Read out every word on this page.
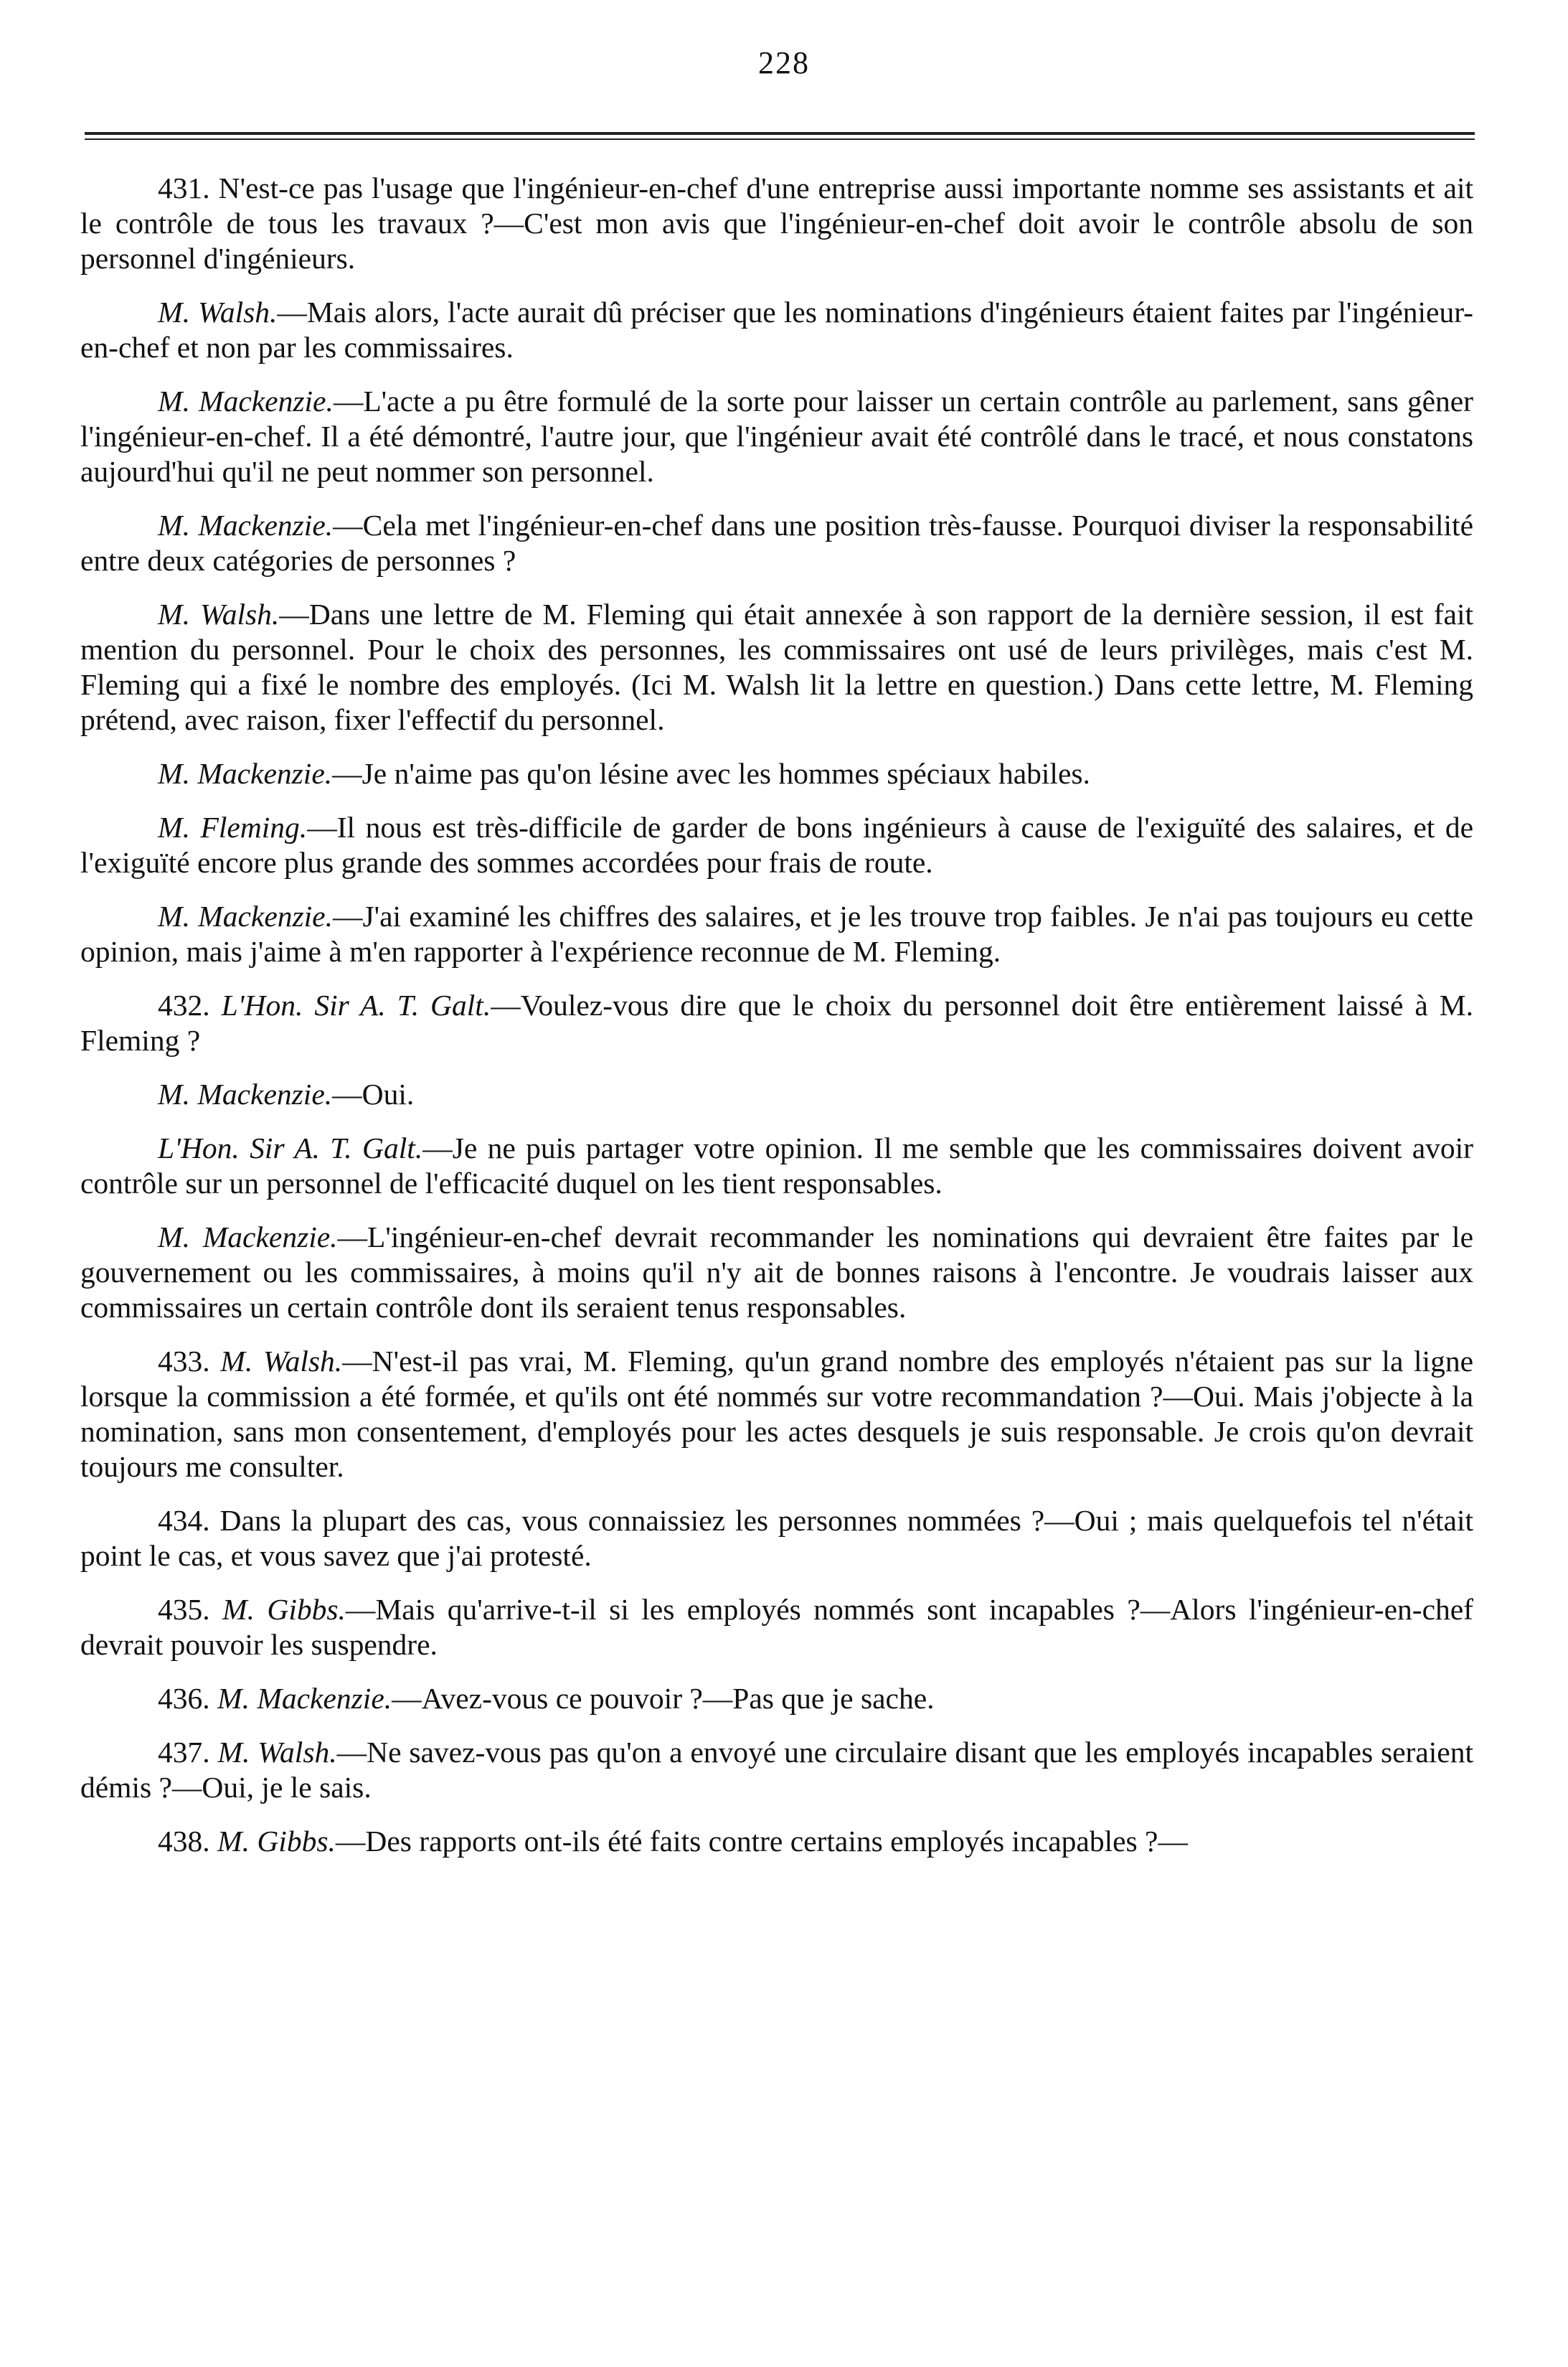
228

431. N'est-ce pas l'usage que l'ingénieur-en-chef d'une entreprise aussi importante nomme ses assistants et ait le contrôle de tous les travaux ?—C'est mon avis que l'ingénieur-en-chef doit avoir le contrôle absolu de son personnel d'ingénieurs.

M. Walsh.—Mais alors, l'acte aurait dû préciser que les nominations d'ingénieurs étaient faites par l'ingénieur-en-chef et non par les commissaires.

M. Mackenzie.—L'acte a pu être formulé de la sorte pour laisser un certain contrôle au parlement, sans gêner l'ingénieur-en-chef. Il a été démontré, l'autre jour, que l'ingénieur avait été contrôlé dans le tracé, et nous constatons aujourd'hui qu'il ne peut nommer son personnel.

M. Mackenzie.—Cela met l'ingénieur-en-chef dans une position très-fausse. Pourquoi diviser la responsabilité entre deux catégories de personnes ?

M. Walsh.—Dans une lettre de M. Fleming qui était annexée à son rapport de la dernière session, il est fait mention du personnel. Pour le choix des personnes, les commissaires ont usé de leurs privilèges, mais c'est M. Fleming qui a fixé le nombre des employés. (Ici M. Walsh lit la lettre en question.) Dans cette lettre, M. Fleming prétend, avec raison, fixer l'effectif du personnel.

M. Mackenzie.—Je n'aime pas qu'on lésine avec les hommes spéciaux habiles.

M. Fleming.—Il nous est très-difficile de garder de bons ingénieurs à cause de l'exiguïté des salaires, et de l'exiguïté encore plus grande des sommes accordées pour frais de route.

M. Mackenzie.—J'ai examiné les chiffres des salaires, et je les trouve trop faibles. Je n'ai pas toujours eu cette opinion, mais j'aime à m'en rapporter à l'expérience reconnue de M. Fleming.

432. L'Hon. Sir A. T. Galt.—Voulez-vous dire que le choix du personnel doit être entièrement laissé à M. Fleming ?

M. Mackenzie.—Oui.

L'Hon. Sir A. T. Galt.—Je ne puis partager votre opinion. Il me semble que les commissaires doivent avoir contrôle sur un personnel de l'efficacité duquel on les tient responsables.

M. Mackenzie.—L'ingénieur-en-chef devrait recommander les nominations qui devraient être faites par le gouvernement ou les commissaires, à moins qu'il n'y ait de bonnes raisons à l'encontre. Je voudrais laisser aux commissaires un certain contrôle dont ils seraient tenus responsables.

433. M. Walsh.—N'est-il pas vrai, M. Fleming, qu'un grand nombre des employés n'étaient pas sur la ligne lorsque la commission a été formée, et qu'ils ont été nommés sur votre recommandation ?—Oui. Mais j'objecte à la nomination, sans mon consentement, d'employés pour les actes desquels je suis responsable. Je crois qu'on devrait toujours me consulter.

434. Dans la plupart des cas, vous connaissiez les personnes nommées ?—Oui ; mais quelquefois tel n'était point le cas, et vous savez que j'ai protesté.

435. M. Gibbs.—Mais qu'arrive-t-il si les employés nommés sont incapables ?—Alors l'ingénieur-en-chef devrait pouvoir les suspendre.

436. M. Mackenzie.—Avez-vous ce pouvoir ?—Pas que je sache.

437. M. Walsh.—Ne savez-vous pas qu'on a envoyé une circulaire disant que les employés incapables seraient démis ?—Oui, je le sais.

438. M. Gibbs.—Des rapports ont-ils été faits contre certains employés incapables ?—
